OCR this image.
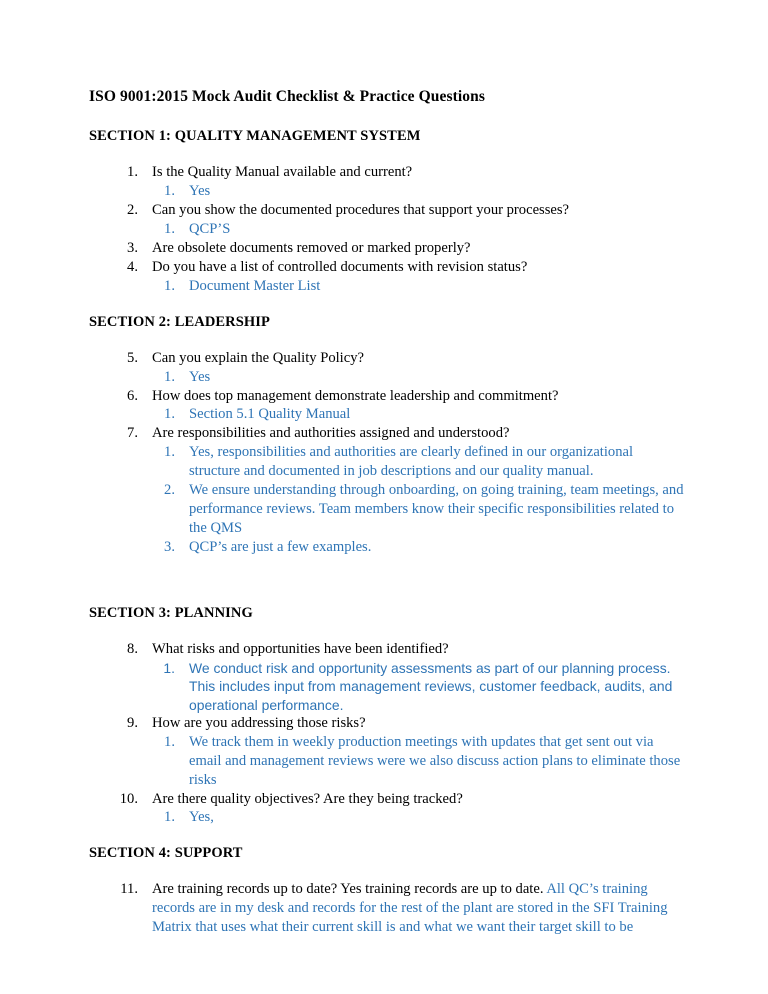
ISO 9001:2015 Mock Audit Checklist & Practice Questions
SECTION 1: QUALITY MANAGEMENT SYSTEM
1. Is the Quality Manual available and current?
1. Yes
2. Can you show the documented procedures that support your processes?
1. QCP’S
3. Are obsolete documents removed or marked properly?
4. Do you have a list of controlled documents with revision status?
1. Document Master List
SECTION 2: LEADERSHIP
5. Can you explain the Quality Policy?
1. Yes
6. How does top management demonstrate leadership and commitment?
1. Section 5.1 Quality Manual
7. Are responsibilities and authorities assigned and understood?
1. Yes, responsibilities and authorities are clearly defined in our organizational structure and documented in job descriptions and our quality manual.
2. We ensure understanding through onboarding, on going training, team meetings, and performance reviews. Team members know their specific responsibilities related to the QMS
3. QCP’s are just a few examples.
SECTION 3: PLANNING
8. What risks and opportunities have been identified?
1. We conduct risk and opportunity assessments as part of our planning process. This includes input from management reviews, customer feedback, audits, and operational performance.
9. How are you addressing those risks?
1. We track them in weekly production meetings with updates that get sent out via email and management reviews were we also discuss action plans to eliminate those risks
10. Are there quality objectives? Are they being tracked?
1. Yes,
SECTION 4: SUPPORT
11. Are training records up to date? Yes training records are up to date. All QC’s training records are in my desk and records for the rest of the plant are stored in the SFI Training Matrix that uses what their current skill is and what we want their target skill to be
